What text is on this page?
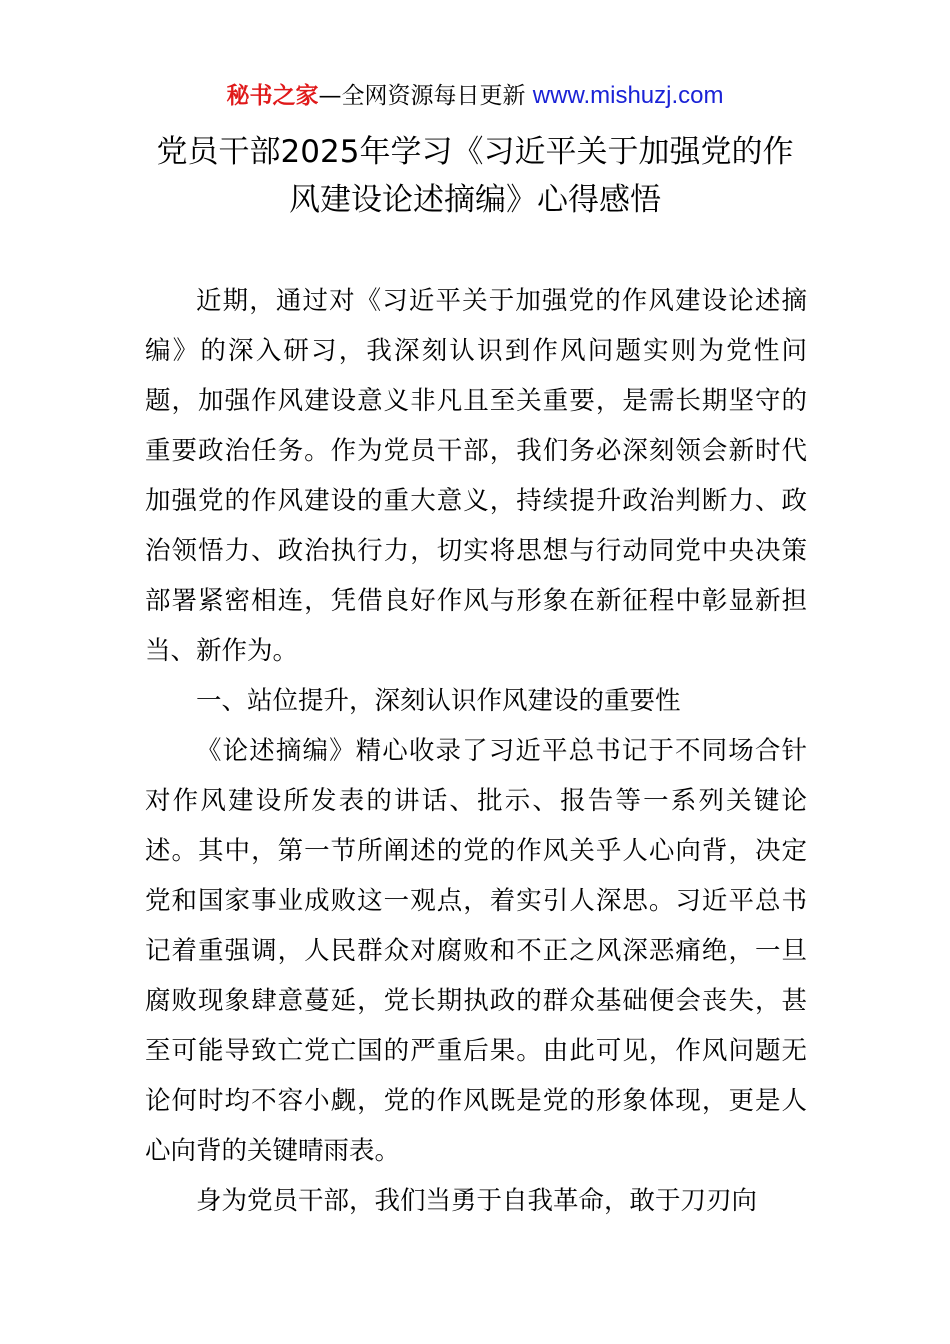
秘书之家—全网资源每日更新 www.mishuzj.com
党员干部2025年学习《习近平关于加强党的作
风建设论述摘编》心得感悟

近期，通过对《习近平关于加强党的作风建设论述摘编》的深入研习，我深刻认识到作风问题实则为党性问题，加强作风建设意义非凡且至关重要，是需长期坚守的重要政治任务。作为党员干部，我们务必深刻领会新时代加强党的作风建设的重大意义，持续提升政治判断力、政治领悟力、政治执行力，切实将思想与行动同党中央决策部署紧密相连，凭借良好作风与形象在新征程中彰显新担当、新作为。

一、站位提升，深刻认识作风建设的重要性

《论述摘编》精心收录了习近平总书记于不同场合针对作风建设所发表的讲话、批示、报告等一系列关键论述。其中，第一节所阐述的党的作风关乎人心向背，决定党和国家事业成败这一观点，着实引人深思。习近平总书记着重强调，人民群众对腐败和不正之风深恶痛绝，一旦腐败现象肆意蔓延，党长期执政的群众基础便会丧失，甚至可能导致亡党亡国的严重后果。由此可见，作风问题无论何时均不容小觑，党的作风既是党的形象体现，更是人心向背的关键晴雨表。

身为党员干部，我们当勇于自我革命，敢于刀刃向
